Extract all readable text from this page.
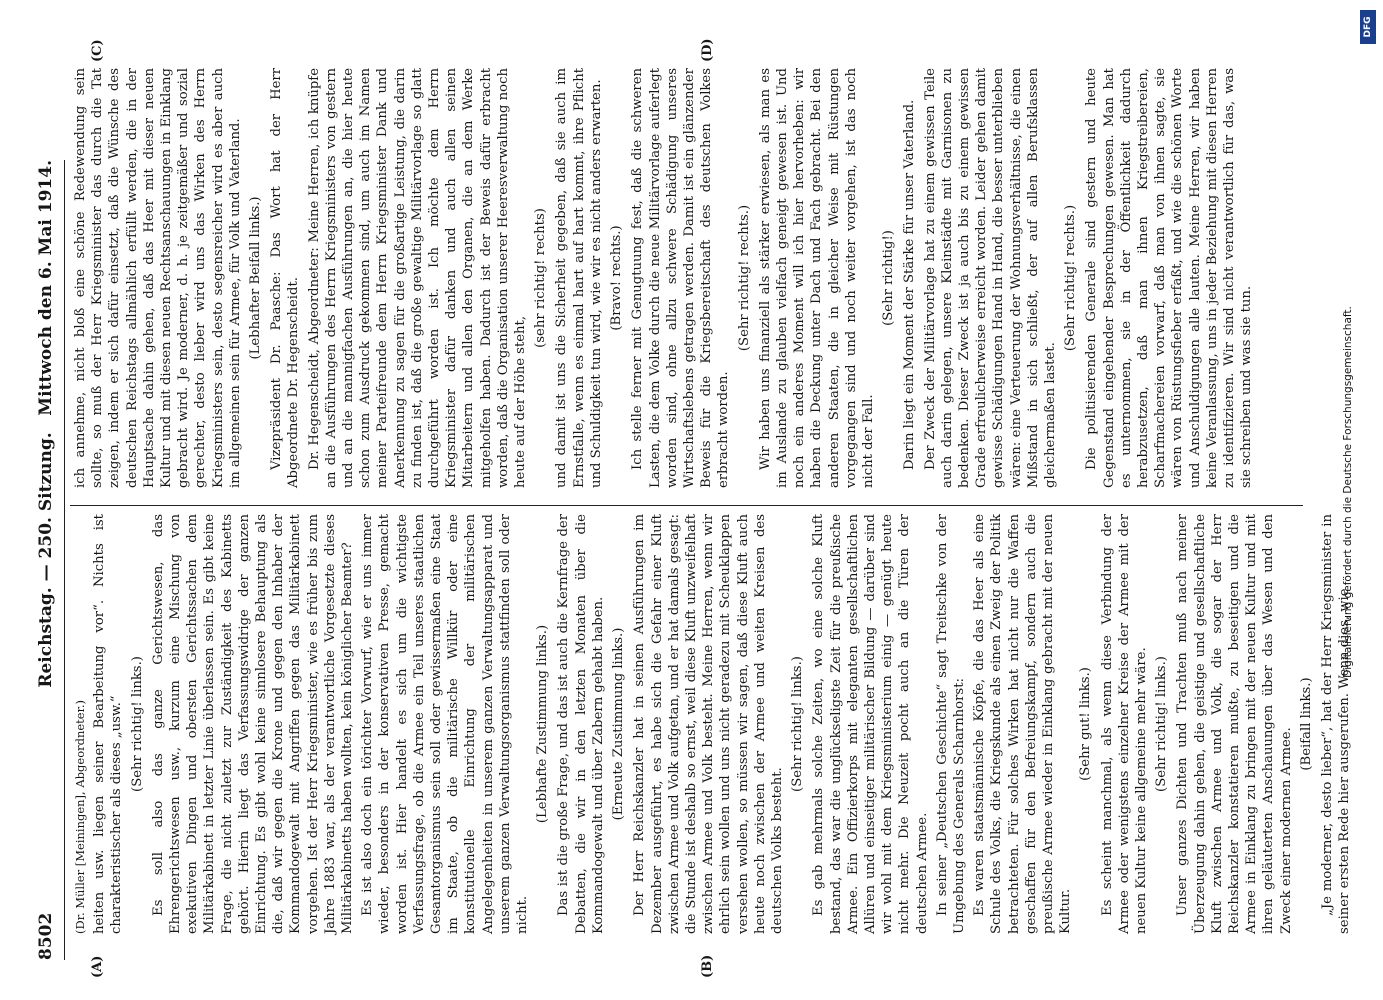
8502
Reichstag. — 250. Sitzung.
Mittwoch den 6. Mai 1914.
(A)	(B)
(C)	(D)

(Dr. Müller [Meiningen], Abgeordneter.) heiten usw. liegen seiner Bearbeitung vor“. Nichts ist charakteristischer als dieses „usw.“ (Sehr richtig! links.) Es soll also das ganze Gerichtswesen, das Ehrengerichtswesen usw., kurzum eine Mischung von exekutiven Dingen und obersten Gerichtssachen dem Militärkabinett in letzter Linie überlassen sein. Es gibt keine Frage, die nicht zuletzt zur Zuständigkeit des Kabinetts gehört. Hierin liegt das Verfassungswidrige der ganzen Einrichtung. Es gibt wohl keine sinnlosere Behauptung als die, daß wir gegen die Krone und gegen den Inhaber der Kommandogewalt mit Angriffen gegen das Militärkabinett vorgehen. Ist der Herr Kriegsminister, wie es früher bis zum Jahre 1883 war, als der verantwortliche Vorgesetzte dieses Militärkabinetts haben wollten, kein königlicher Beamter? Es ist also doch ein törichter Vorwurf, wie er uns immer wieder, besonders in der konservativen Presse, gemacht worden ist. Hier handelt es sich um die wichtigste Verfassungsfrage, ob die Armee ein Teil unseres staatlichen Gesamtorganismus sein soll oder gewissermaßen eine Staat im Staate, ob die militärische Willkür oder eine konstitutionelle Einrichtung der militärischen Angelegenheiten in unserem ganzen Verwaltungsapparat und unserem ganzen Verwaltungsorganismus stattfinden soll oder nicht.

(Lebhafte Zustimmung links.) Das ist die große Frage, und das ist auch die Kernfrage der Debatten, die wir in den letzten Monaten über die Kommandogewalt und über Zabern gehabt haben. (Erneute Zustimmung links.) Der Herr Reichskanzler hat in seinen Ausführungen im Dezember ausgeführt, es habe sich die Gefahr einer Kluft zwischen Armee und Volk aufgetan, und er hat damals gesagt: die Stunde ist deshalb so ernst, weil diese Kluft unzweifelhaft zwischen Armee und Volk besteht. Meine Herren, wenn wir ehrlich sein wollen und uns nicht geradezu mit Scheuklappen versehen wollen, so müssen wir sagen, daß diese Kluft auch heute noch zwischen der Armee und weiten Kreisen des deutschen Volks besteht.

(Sehr richtig! links.) Es gab mehrmals solche Zeiten, wo eine solche Kluft bestand, das war die unglückseligste Zeit für die preußische Armee. Ein Offizierkorps mit eleganten gesellschaftlichen Allüren und einseitiger militärischer Bildung — darüber sind wir wohl mit dem Kriegsministerium einig — genügt heute nicht mehr. Die Neuzeit pocht auch an die Türen der deutschen Armee. In seiner „Deutschen Geschichte“ sagt Treitschke von der Umgebung des Generals Scharnhorst: Es waren staatsmännische Köpfe, die das Heer als eine Schule des Volks, die Kriegskunde als einen Zweig der Politik betrachteten. Für solches Wirken hat nicht nur die Waffen geschaffen für den Befreiungskampf, sondern auch die preußische Armee wieder in Einklang gebracht mit der neuen Kultur.

(Sehr gut! links.) Es scheint manchmal, als wenn diese Verbindung der Armee oder wenigstens einzelner Kreise der Armee mit der neuen Kultur keine allgemeine mehr wäre. (Sehr richtig! links.) Unser ganzes Dichten und Trachten muß nach meiner Überzeugung dahin gehen, die geistige und gesellschaftliche Kluft zwischen Armee und Volk, die sogar der Herr Reichskanzler konstatieren mußte, zu beseitigen und die Armee in Einklang zu bringen mit der neuen Kultur und mit ihren geläuterten Anschauungen über das Wesen und den Zweck einer modernen Armee.

(Beifall links.) „Je moderner, desto lieber“, hat der Herr Kriegsminister in seiner ersten Rede hier ausgerufen. Wenn dies, wie

ich annehme, nicht bloß eine schöne Redewendung sein sollte, so muß der Herr Kriegsminister das durch die Tat zeigen, indem er sich dafür einsetzt, daß die Wünsche des deutschen Reichstags allmählich erfüllt werden, die in der Hauptsache dahin gehen, daß das Heer mit dieser neuen Kultur und mit diesen neuen Rechtsanschauungen in Einklang gebracht wird. Je moderner, d. h. je zeitgemäßer und sozial gerechter, desto lieber wird uns das Wirken des Herrn Kriegsministers sein, desto segensreicher wird es aber auch im allgemeinen sein für Armee, für Volk und Vaterland. (Lebhafter Beifall links.) Vizepräsident Dr. Paasche: Das Wort hat der Herr Abgeordnete Dr. Hegenscheidt. Dr. Hegenscheidt, Abgeordneter: Meine Herren, ich knüpfe an die Ausführungen des Herrn Kriegsministers von gestern und an die mannigfachen Ausführungen an, die hier heute schon zum Ausdruck gekommen sind, um auch im Namen meiner Parteifreunde dem Herrn Kriegsminister Dank und Anerkennung zu sagen für die großartige Leistung, die darin zu finden ist, daß die große gewaltige Militärvorlage so glatt durchgeführt worden ist. Ich möchte dem Herrn Kriegsminister dafür danken und auch allen seinen Mitarbeitern und allen den Organen, die an dem Werke mitgeholfen haben. Dadurch ist der Beweis dafür erbracht worden, daß die Organisation unserer Heeresverwaltung noch heute auf der Höhe steht,

(sehr richtig! rechts) und damit ist uns die Sicherheit gegeben, daß sie auch im Ernstfalle, wenn es einmal hart auf hart kommt, ihre Pflicht und Schuldigkeit tun wird, wie wir es nicht anders erwarten. (Bravo! rechts.) Ich stelle ferner mit Genugtuung fest, daß die schweren Lasten, die dem Volke durch die neue Militärvorlage auferlegt worden sind, ohne allzu schwere Schädigung unseres Wirtschaftslebens getragen werden. Damit ist ein glänzender Beweis für die Kriegsbereitschaft des deutschen Volkes erbracht worden.

(Sehr richtig! rechts.) Wir haben uns finanziell als stärker erwiesen, als man es im Auslande zu glauben vielfach geneigt gewesen ist. Und noch ein anderes Moment will ich hier hervorheben: wir haben die Deckung unter Dach und Fach gebracht. Bei den anderen Staaten, die in gleicher Weise mit Rüstungen vorgegangen sind und noch weiter vorgehen, ist das noch nicht der Fall.

(Sehr richtig!) Darin liegt ein Moment der Stärke für unser Vaterland. Der Zweck der Militärvorlage hat zu einem gewissen Teile auch darin gelegen, unsere Kleinstädte mit Garnisonen zu bedenken. Dieser Zweck ist ja auch bis zu einem gewissen Grade erfreulicherweise erreicht worden. Leider gehen damit gewisse Schädigungen Hand in Hand, die besser unterblieben wären: eine Verteuerung der Wohnungsverhältnisse, die einen Mißstand in sich schließt, der auf allen Berufsklassen gleichermaßen lastet.

(Sehr richtig! rechts.) Die politisierenden Generale sind gestern und heute Gegenstand eingehender Besprechungen gewesen. Man hat es unternommen, sie in der Öffentlichkeit dadurch herabzusetzen, daß man ihnen Kriegstreibereien, Scharfmachereien vorwarf, daß man von ihnen sagte, sie wären von Rüstungsfieber erfaßt, und wie die schönen Worte und Anschuldigungen alle lauten. Meine Herren, wir haben keine Veranlassung, uns in jeder Beziehung mit diesen Herren zu identifizieren. Wir sind nicht verantwortlich für das, was sie schreiben und was sie tun.	Digitalisierung gefördert durch die Deutsche Forschungsgemeinschaft.
DFG
